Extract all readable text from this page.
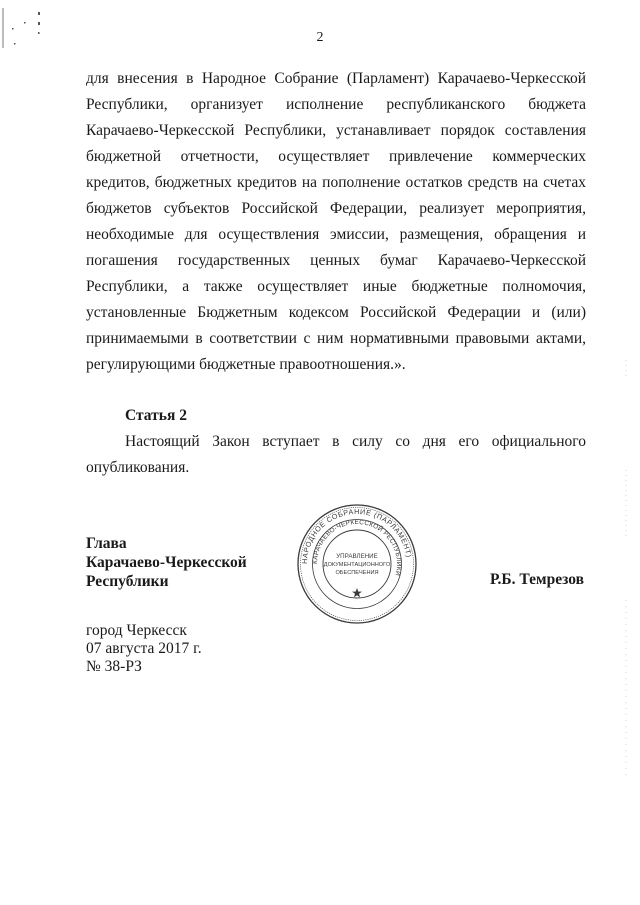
2

для внесения в Народное Собрание (Парламент) Карачаево-Черкесской Республики, организует исполнение республиканского бюджета Карачаево-Черкесской Республики, устанавливает порядок составления бюджетной отчетности, осуществляет привлечение коммерческих кредитов, бюджетных кредитов на пополнение остатков средств на счетах бюджетов субъектов Российской Федерации, реализует мероприятия, необходимые для осуществления эмиссии, размещения, обращения и погашения государственных ценных бумаг Карачаево-Черкесской Республики, а также осуществляет иные бюджетные полномочия, установленные Бюджетным кодексом Российской Федерации и (или) принимаемыми в соответствии с ним нормативными правовыми актами, регулирующими бюджетные правоотношения.».

Статья 2

Настоящий Закон вступает в силу со дня его официального опубликования.

Глава
Карачаево-Черкесской
Республики	Р.Б. Темрезов
город Черкесск
07 августа 2017 г.
№ 38-РЗ
НАРОДНОЕ СОБРАНИЕ (ПАРЛАМЕНТ)
КАРАЧАЕВО-ЧЕРКЕССКОЙ РЕСПУБЛИКИ
УПРАВЛЕНИЕ
ДОКУМЕНТАЦИОННОГО
ОБЕСПЕЧЕНИЯ
